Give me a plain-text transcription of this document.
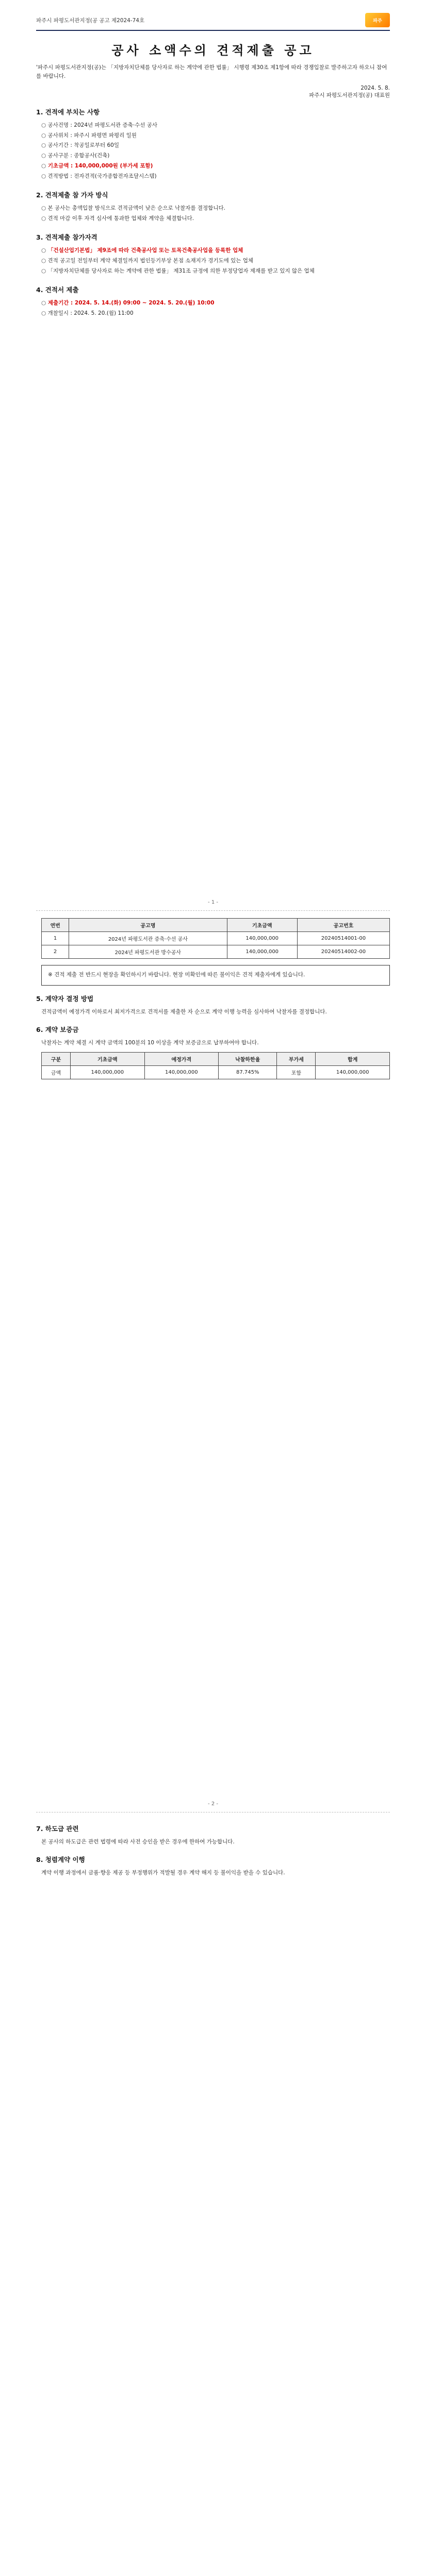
파주시 파평도서관지정(공 공고 제2024-74호	파주
공사 소액수의 견적제출 공고

'파주시 파평도서관지정(공)는 「지방자치단체를 당사자로 하는 계약에 관한 법률」 시행령 제30조 제1항에 따라 경쟁입찰로 발주하고자 하오니 참여를 바랍니다.

2024. 5. 8.
파주시 파평도서관지정(공) 대표원
1. 견적에 부치는 사항
○ 공사건명 : 2024년 파평도서관 증축·수선 공사
○ 공사위치 : 파주시 파평면 파평리 일원
○ 공사기간 : 착공일로부터 60일
○ 공사구분 : 종합공사(건축)
○ 기초금액 : 140,000,000원 (부가세 포함)
○ 견적방법 : 전자견적(국가종합전자조달시스템)
2. 견적제출 참 가자 방식
○ 본 공사는 총액입찰 방식으로 견적금액이 낮은 순으로 낙찰자를 결정합니다.
○ 견적 마감 이후 자격 심사에 통과한 업체와 계약을 체결합니다.
3. 견적제출 참가자격
○ 「건설산업기본법」 제9조에 따라 건축공사업 또는 토목건축공사업을 등록한 업체
○ 견적 공고일 전일부터 계약 체결일까지 법인등기부상 본점 소재지가 경기도에 있는 업체
○ 「지방자치단체를 당사자로 하는 계약에 관한 법률」 제31조 규정에 의한 부정당업자 제재를 받고 있지 않은 업체
4. 견적서 제출
○ 제출기간 : 2024. 5. 14.(화) 09:00 ~ 2024. 5. 20.(월) 10:00
○ 개찰일시 : 2024. 5. 20.(월) 11:00
- 1 -
연번	공고명	기초금액	공고번호
1	2024년 파평도서관 증축·수선 공사	140,000,000	20240514001-00
2	2024년 파평도서관 방수공사	140,000,000	20240514002-00
※ 견적 제출 전 반드시 현장을 확인하시기 바랍니다. 현장 미확인에 따른 불이익은 견적 제출자에게 있습니다.
5. 계약자 결정 방법

견적금액이 예정가격 이하로서 최저가격으로 견적서를 제출한 자 순으로 계약 이행 능력을 심사하여 낙찰자를 결정합니다.

6. 계약 보증금

낙찰자는 계약 체결 시 계약 금액의 100분의 10 이상을 계약 보증금으로 납부하여야 합니다.

구분	기초금액	예정가격	낙찰하한율	부가세	합계
금액	140,000,000	140,000,000	87.745%	포함	140,000,000
- 2 -
7. 하도급 관련

본 공사의 하도급은 관련 법령에 따라 사전 승인을 받은 경우에 한하여 가능합니다.

8. 청렴계약 이행

계약 이행 과정에서 금품·향응 제공 등 부정행위가 적발될 경우 계약 해지 등 불이익을 받을 수 있습니다.
